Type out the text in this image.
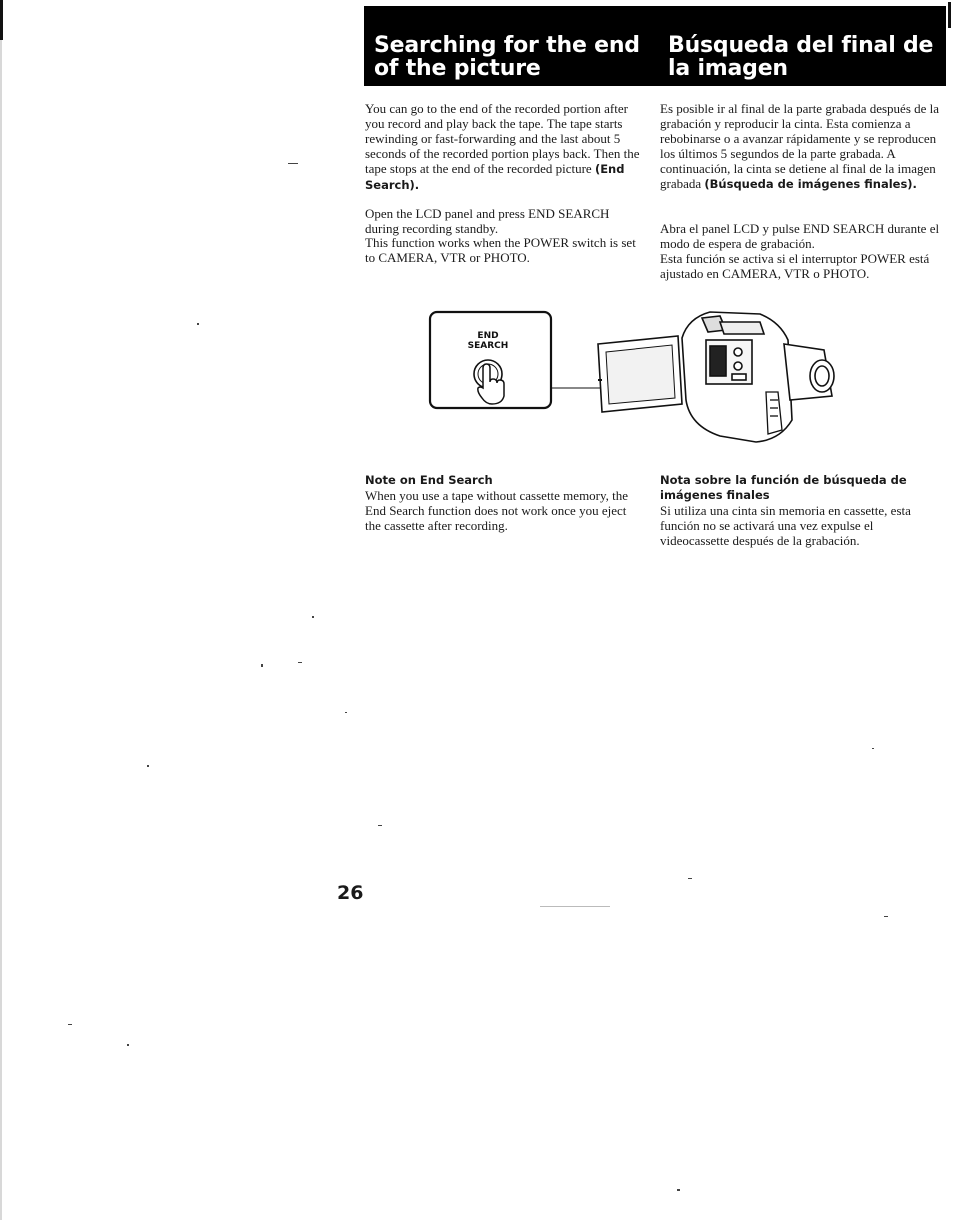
Searching for the end of the picture
Búsqueda del final de la imagen

You can go to the end of the recorded portion after you record and play back the tape. The tape starts rewinding or fast-forwarding and the last about 5 seconds of the recorded portion plays back. Then the tape stops at the end of the recorded picture (End Search).

Open the LCD panel and press END SEARCH during recording standby.

This function works when the POWER switch is set to CAMERA, VTR or PHOTO.

Note on End Search
When you use a tape without cassette memory, the End Search function does not work once you eject the cassette after recording.

Es posible ir al final de la parte grabada después de la grabación y reproducir la cinta. Esta comienza a rebobinarse o a avanzar rápidamente y se reproducen los últimos 5 segundos de la parte grabada. A continuación, la cinta se detiene al final de la imagen grabada (Búsqueda de imágenes finales).

Abra el panel LCD y pulse END SEARCH durante el modo de espera de grabación.

Esta función se activa si el interruptor POWER está ajustado en CAMERA, VTR o PHOTO.

Nota sobre la función de búsqueda de imágenes finales
Si utiliza una cinta sin memoria en cassette, esta función no se activará una vez expulse el videocassette después de la grabación.
END
SEARCH
26
